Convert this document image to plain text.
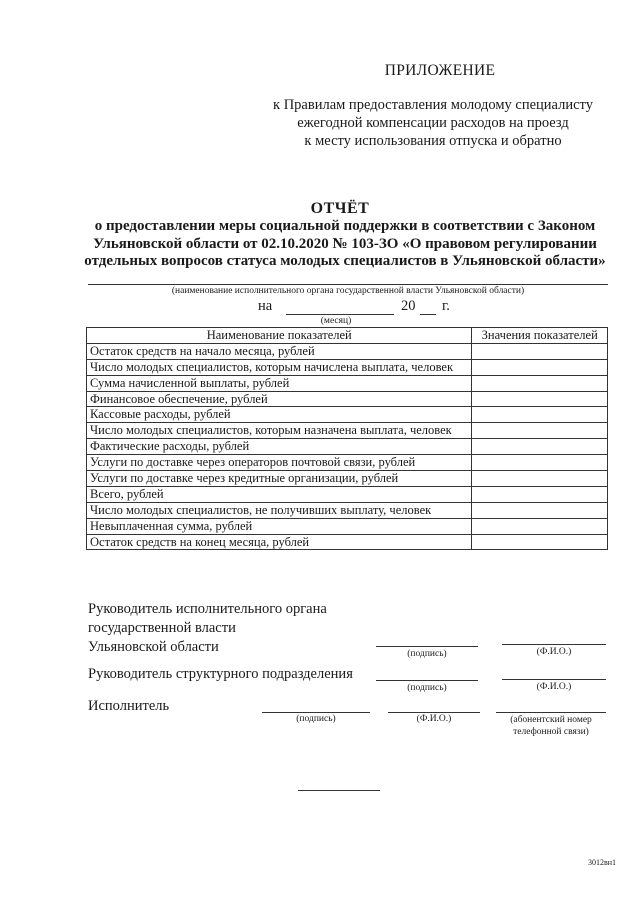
ПРИЛОЖЕНИЕ
к Правилам предоставления молодому специалисту
ежегодной компенсации расходов на проезд
к месту использования отпуска и обратно
ОТЧЁТ
о предоставлении меры социальной поддержки в соответствии с Законом
Ульяновской области от 02.10.2020 № 103-ЗО «О правовом регулировании
отдельных вопросов статуса молодых специалистов в Ульяновской области»
(наименование исполнительного органа государственной власти Ульяновской области)
на	20 г.
(месяц)
Наименование показателей	Значения показателей
Остаток средств на начало месяца, рублей	
Число молодых специалистов, которым начислена выплата, человек	
Сумма начисленной выплаты, рублей	
Финансовое обеспечение, рублей	
Кассовые расходы, рублей	
Число молодых специалистов, которым назначена выплата, человек	
Фактические расходы, рублей	
Услуги по доставке через операторов почтовой связи, рублей	
Услуги по доставке через кредитные организации, рублей	
Всего, рублей	
Число молодых специалистов, не получивших выплату, человек	
Невыплаченная сумма, рублей	
Остаток средств на конец месяца, рублей	
Руководитель исполнительного органа
государственной власти
Ульяновской области	(подпись)	(Ф.И.О.)
Руководитель структурного подразделения
(подпись)	(Ф.И.О.)
Исполнитель
(подпись)	(Ф.И.О.)	(абонентский номер
телефонной связи)
3012вн1
